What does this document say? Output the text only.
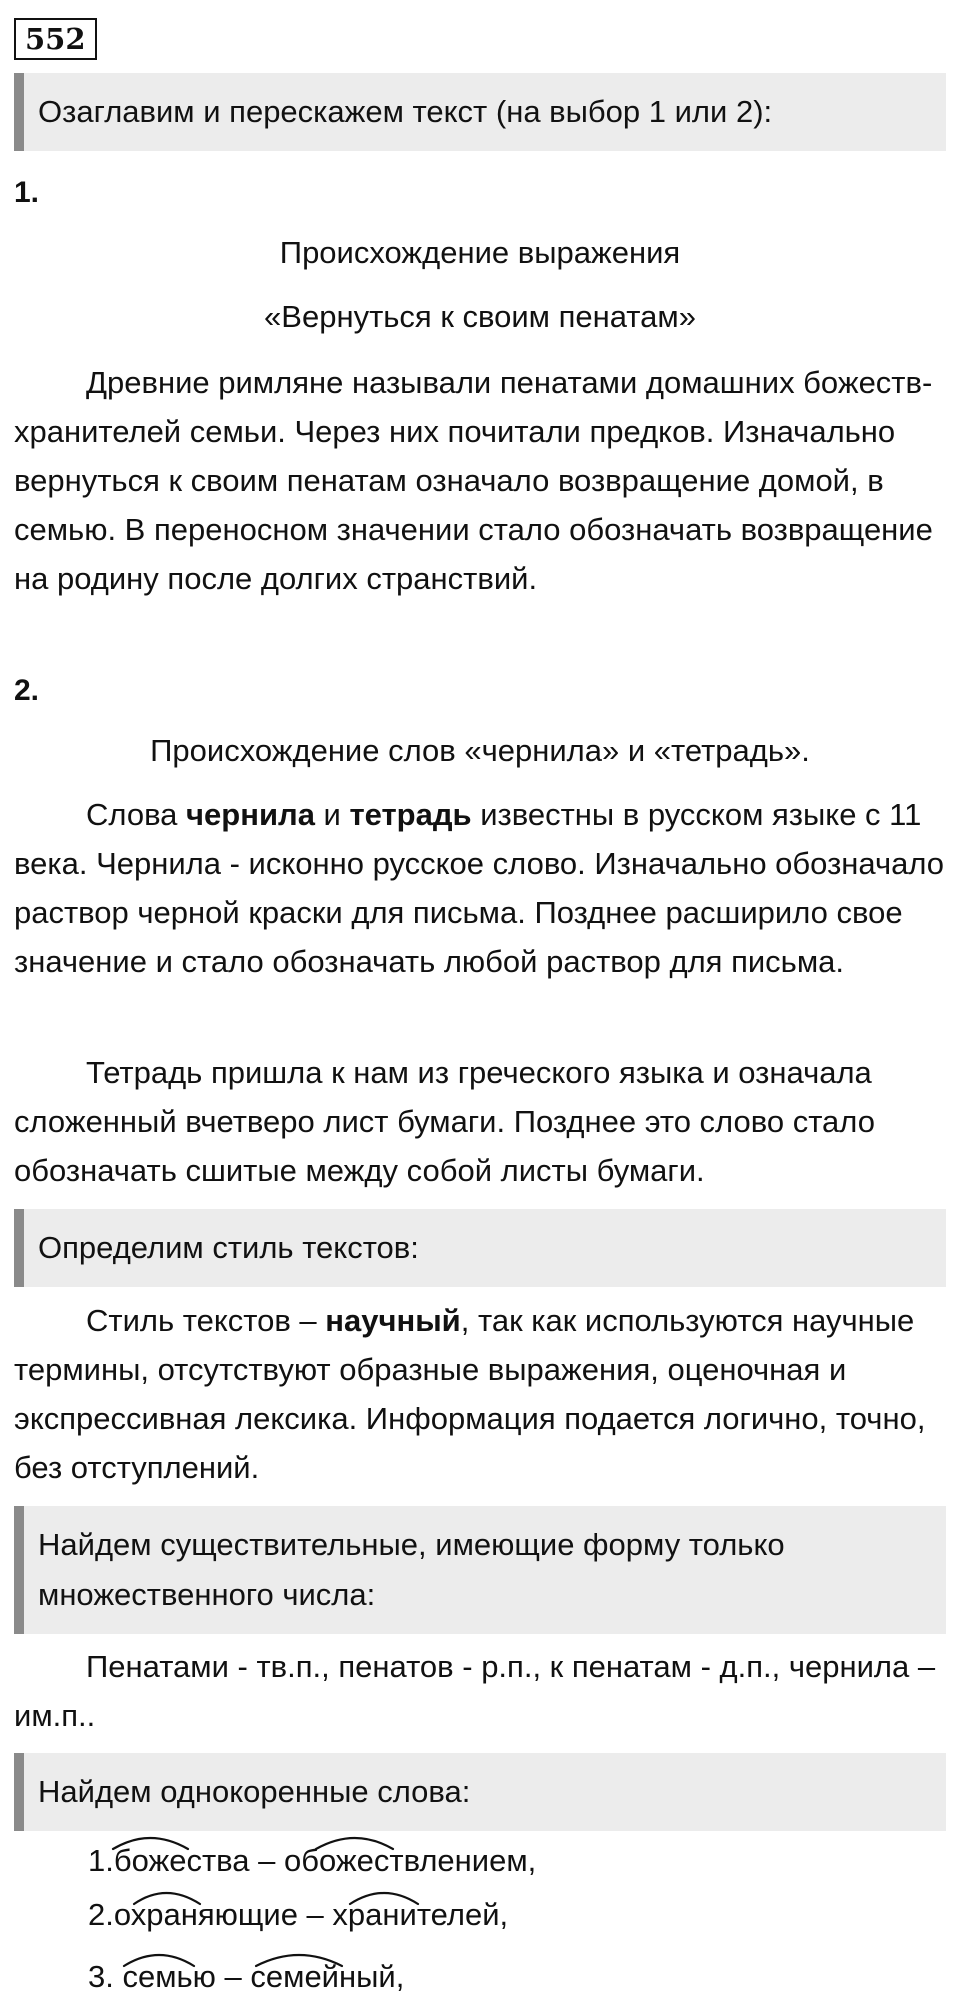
552
Озаглавим и перескажем текст (на выбор 1 или 2):
1.
Происхождение выражения
«Вернуться к своим пенатам»

Древние римляне называли пенатами домашних божеств-хранителей семьи. Через них почитали предков. Изначально вернуться к своим пенатам означало возвращение домой, в семью. В переносном значении стало обозначать возвращение на родину после долгих странствий.

2.
Происхождение слов «чернила» и «тетрадь».

Слова чернила и тетрадь известны в русском языке с 11 века. Чернила - исконно русское слово. Изначально обозначало раствор черной краски для письма. Позднее расширило свое значение и стало обозначать любой раствор для письма.

Тетрадь пришла к нам из греческого языка и означала сложенный вчетверо лист бумаги. Позднее это слово стало обозначать сшитые между собой листы бумаги.

Определим стиль текстов:

Стиль текстов – научный, так как используются научные термины, отсутствуют образные выражения, оценочная и экспрессивная лексика. Информация подается логично, точно, без отступлений.

Найдем существительные, имеющие форму только множественного числа:

Пенатами - тв.п., пенатов - р.п., к пенатам - д.п., чернила – им.п..

Найдем однокоренные слова:
1.божества – обожествлением,
2.охраняющие – хранителей,
3. семью – семейный,
